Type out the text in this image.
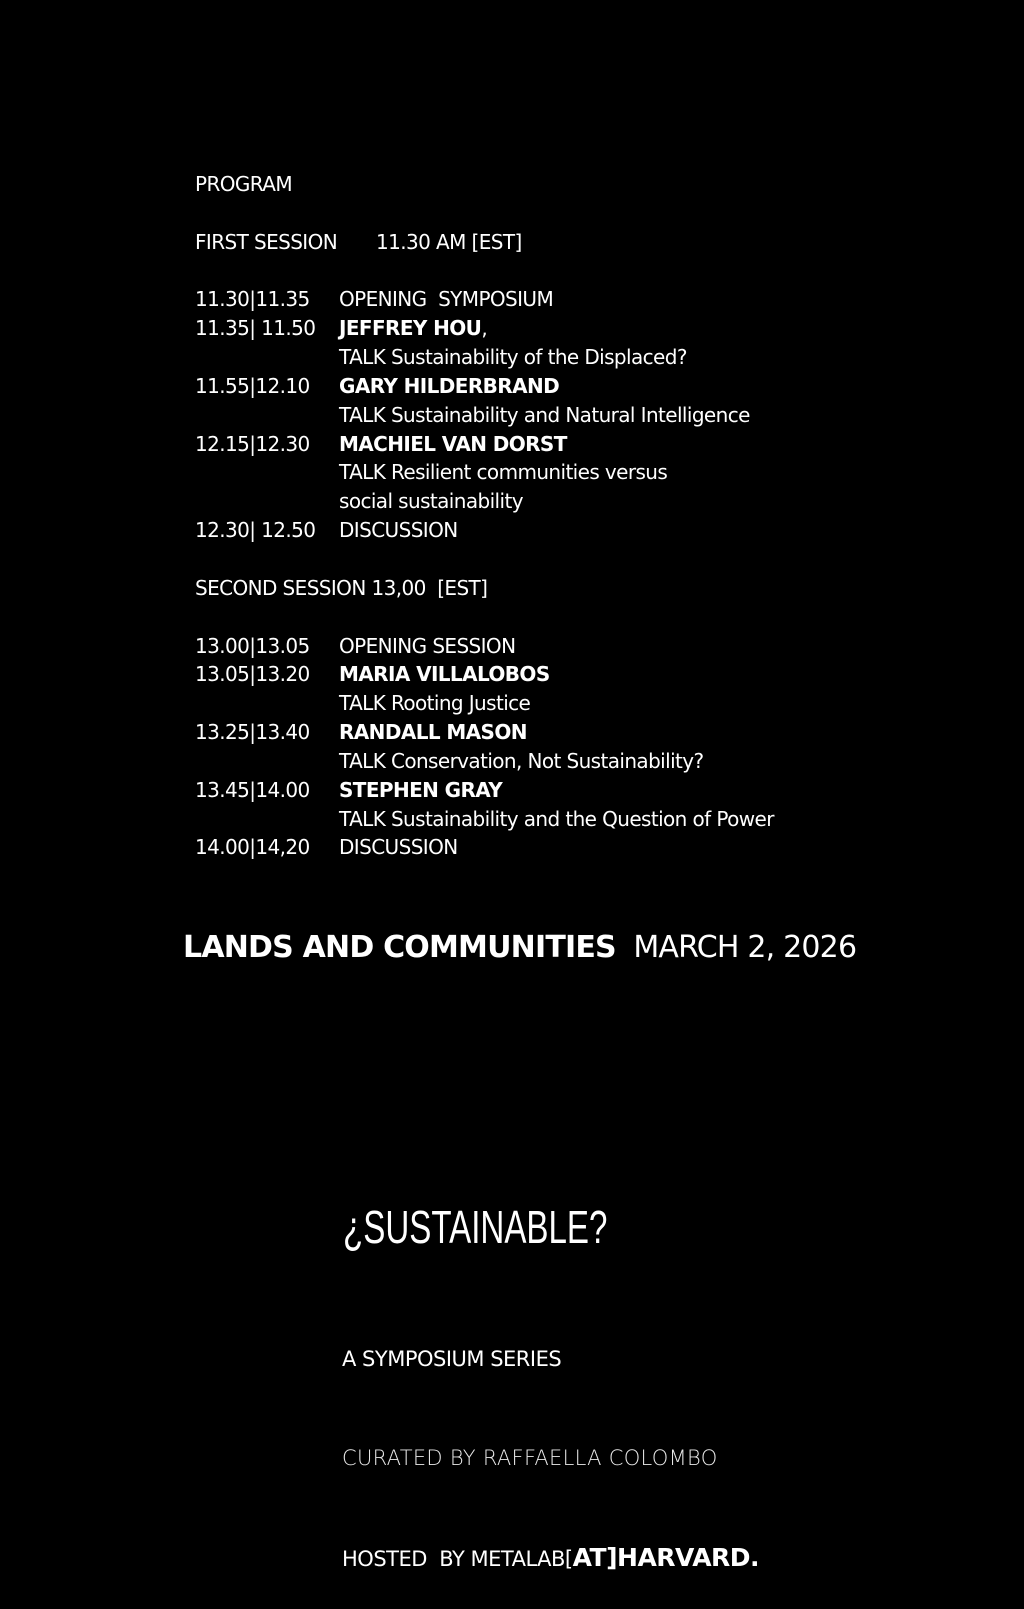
PROGRAM
FIRST SESSION 11.30 AM [EST]
11.30|11.35 OPENING  SYMPOSIUM
11.35| 11.50 JEFFREY HOU,
TALK Sustainability of the Displaced?
11.55|12.10 GARY HILDERBRAND
TALK Sustainability and Natural Intelligence
12.15|12.30 MACHIEL VAN DORST
TALK Resilient communities versus
social sustainability
12.30| 12.50 DISCUSSION
SECOND SESSION 13,00  [EST]
13.00|13.05 OPENING SESSION
13.05|13.20 MARIA VILLALOBOS
TALK Rooting Justice
13.25|13.40 RANDALL MASON
TALK Conservation, Not Sustainability?
13.45|14.00 STEPHEN GRAY
TALK Sustainability and the Question of Power
14.00|14,20 DISCUSSION
LANDS AND COMMUNITIES MARCH 2, 2026
¿SUSTAINABLE?

A SYMPOSIUM SERIES

CURATED BY RAFFAELLA COLOMBO

HOSTED  BY METALAB[AT]HARVARD.
